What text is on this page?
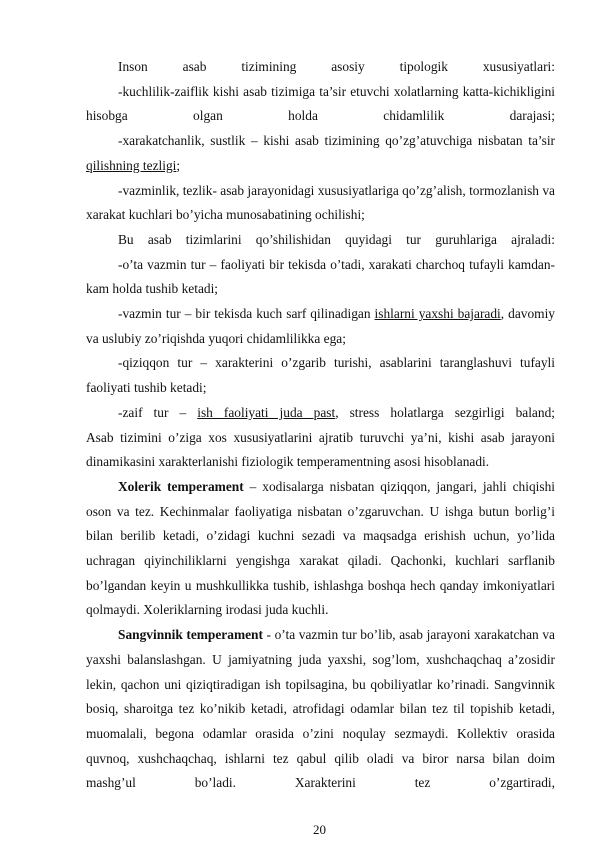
Inson asab tizimining asosiy tipologik xususiyatlari:

-kuchlilik-zaiflik kishi asab tizimiga ta’sir etuvchi xolatlarning katta-kichikligini hisobga olgan holda chidamlilik darajasi;

-xarakatchanlik, sustlik – kishi asab tizimining qo’zg’atuvchiga nisbatan ta’sir qilishning tezligi;

-vazminlik, tezlik- asab jarayonidagi xususiyatlariga qo’zg’alish, tormozlanish va xarakat kuchlari bo’yicha munosabatining ochilishi;

Bu asab tizimlarini qo’shilishidan quyidagi tur guruhlariga ajraladi:

-o’ta vazmin tur – faoliyati bir tekisda o’tadi, xarakati charchoq tufayli kamdan-kam holda tushib ketadi;

-vazmin tur – bir tekisda kuch sarf qilinadigan ishlarni yaxshi bajaradi, davomiy va uslubiy zo’riqishda yuqori chidamlilikka ega;

-qiziqqon tur – xarakterini o’zgarib turishi, asablarini taranglashuvi tufayli faoliyati tushib ketadi;

-zaif tur – ish faoliyati juda past, stress holatlarga sezgirligi baland;

Asab tizimini o’ziga xos xususiyatlarini ajratib turuvchi ya’ni, kishi asab jarayoni dinamikasini xarakterlanishi fiziologik temperamentning asosi hisoblanadi.

Xolerik temperament – xodisalarga nisbatan qiziqqon, jangari, jahli chiqishi oson va tez. Kechinmalar faoliyatiga nisbatan o’zgaruvchan. U ishga butun borlig’i bilan berilib ketadi, o’zidagi kuchni sezadi va maqsadga erishish uchun, yo’lida uchragan qiyinchiliklarni yengishga xarakat qiladi. Qachonki, kuchlari sarflanib bo’lgandan keyin u mushkullikka tushib, ishlashga boshqa hech qanday imkoniyatlari qolmaydi. Xoleriklarning irodasi juda kuchli.

Sangvinnik temperament - o’ta vazmin tur bo’lib, asab jarayoni xarakatchan va yaxshi balanslashgan. U jamiyatning juda yaxshi, sog’lom, xushchaqchaq a’zosidir lekin, qachon uni qiziqtiradigan ish topilsagina, bu qobiliyatlar ko’rinadi. Sangvinnik bosiq, sharoitga tez ko’nikib ketadi, atrofidagi odamlar bilan tez til topishib ketadi, muomalali, begona odamlar orasida o’zini noqulay sezmaydi. Kollektiv orasida quvnoq, xushchaqchaq, ishlarni tez qabul qilib oladi va biror narsa bilan doim mashg’ul bo’ladi. Xarakterini tez o’zgartiradi,

20
